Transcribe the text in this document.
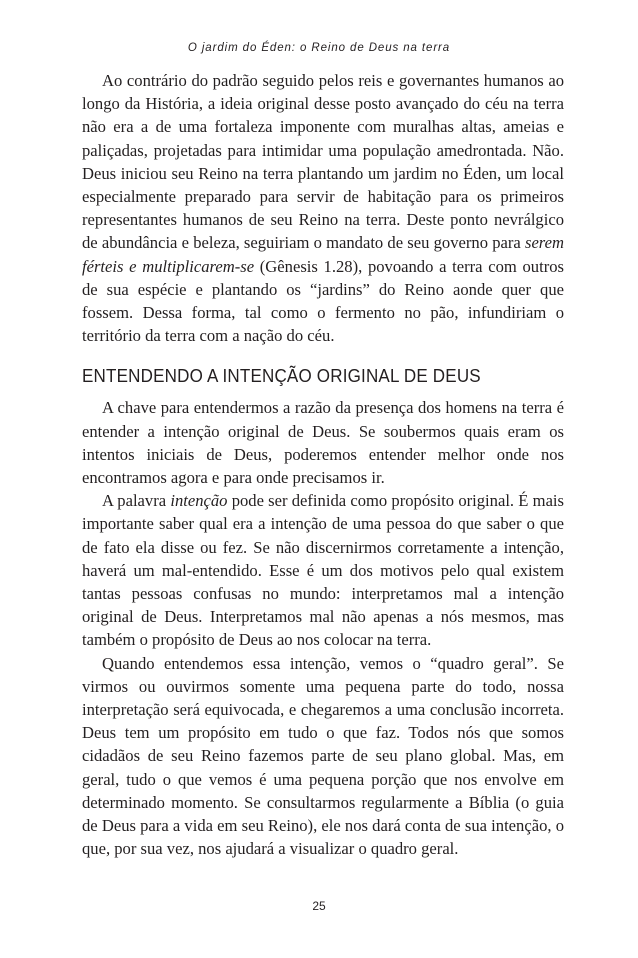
O jardim do Éden: o Reino de Deus na terra

Ao contrário do padrão seguido pelos reis e governantes humanos ao longo da História, a ideia original desse posto avançado do céu na terra não era a de uma fortaleza imponente com muralhas altas, ameias e paliçadas, projetadas para intimidar uma população amedrontada. Não. Deus iniciou seu Reino na terra plantando um jardim no Éden, um local especialmente preparado para servir de habitação para os primeiros representantes humanos de seu Reino na terra. Deste ponto nevrálgico de abundância e beleza, seguiriam o mandato de seu governo para serem férteis e multiplicarem-se (Gênesis 1.28), povoando a terra com outros de sua espécie e plantando os “jardins” do Reino aonde quer que fossem. Dessa forma, tal como o fermento no pão, infundiriam o território da terra com a nação do céu.

ENTENDENDO A INTENÇÃO ORIGINAL DE DEUS

A chave para entendermos a razão da presença dos homens na terra é entender a intenção original de Deus. Se soubermos quais eram os intentos iniciais de Deus, poderemos entender melhor onde nos encontramos agora e para onde precisamos ir.

A palavra intenção pode ser definida como propósito original. É mais importante saber qual era a intenção de uma pessoa do que saber o que de fato ela disse ou fez. Se não discernirmos corretamente a intenção, haverá um mal-entendido. Esse é um dos motivos pelo qual existem tantas pessoas confusas no mundo: interpretamos mal a intenção original de Deus. Interpretamos mal não apenas a nós mesmos, mas também o propósito de Deus ao nos colocar na terra.

Quando entendemos essa intenção, vemos o “quadro geral”. Se virmos ou ouvirmos somente uma pequena parte do todo, nossa interpretação será equivocada, e chegaremos a uma conclusão incorreta. Deus tem um propósito em tudo o que faz. Todos nós que somos cidadãos de seu Reino fazemos parte de seu plano global. Mas, em geral, tudo o que vemos é uma pequena porção que nos envolve em determinado momento. Se consultarmos regularmente a Bíblia (o guia de Deus para a vida em seu Reino), ele nos dará conta de sua intenção, o que, por sua vez, nos ajudará a visualizar o quadro geral.

25
